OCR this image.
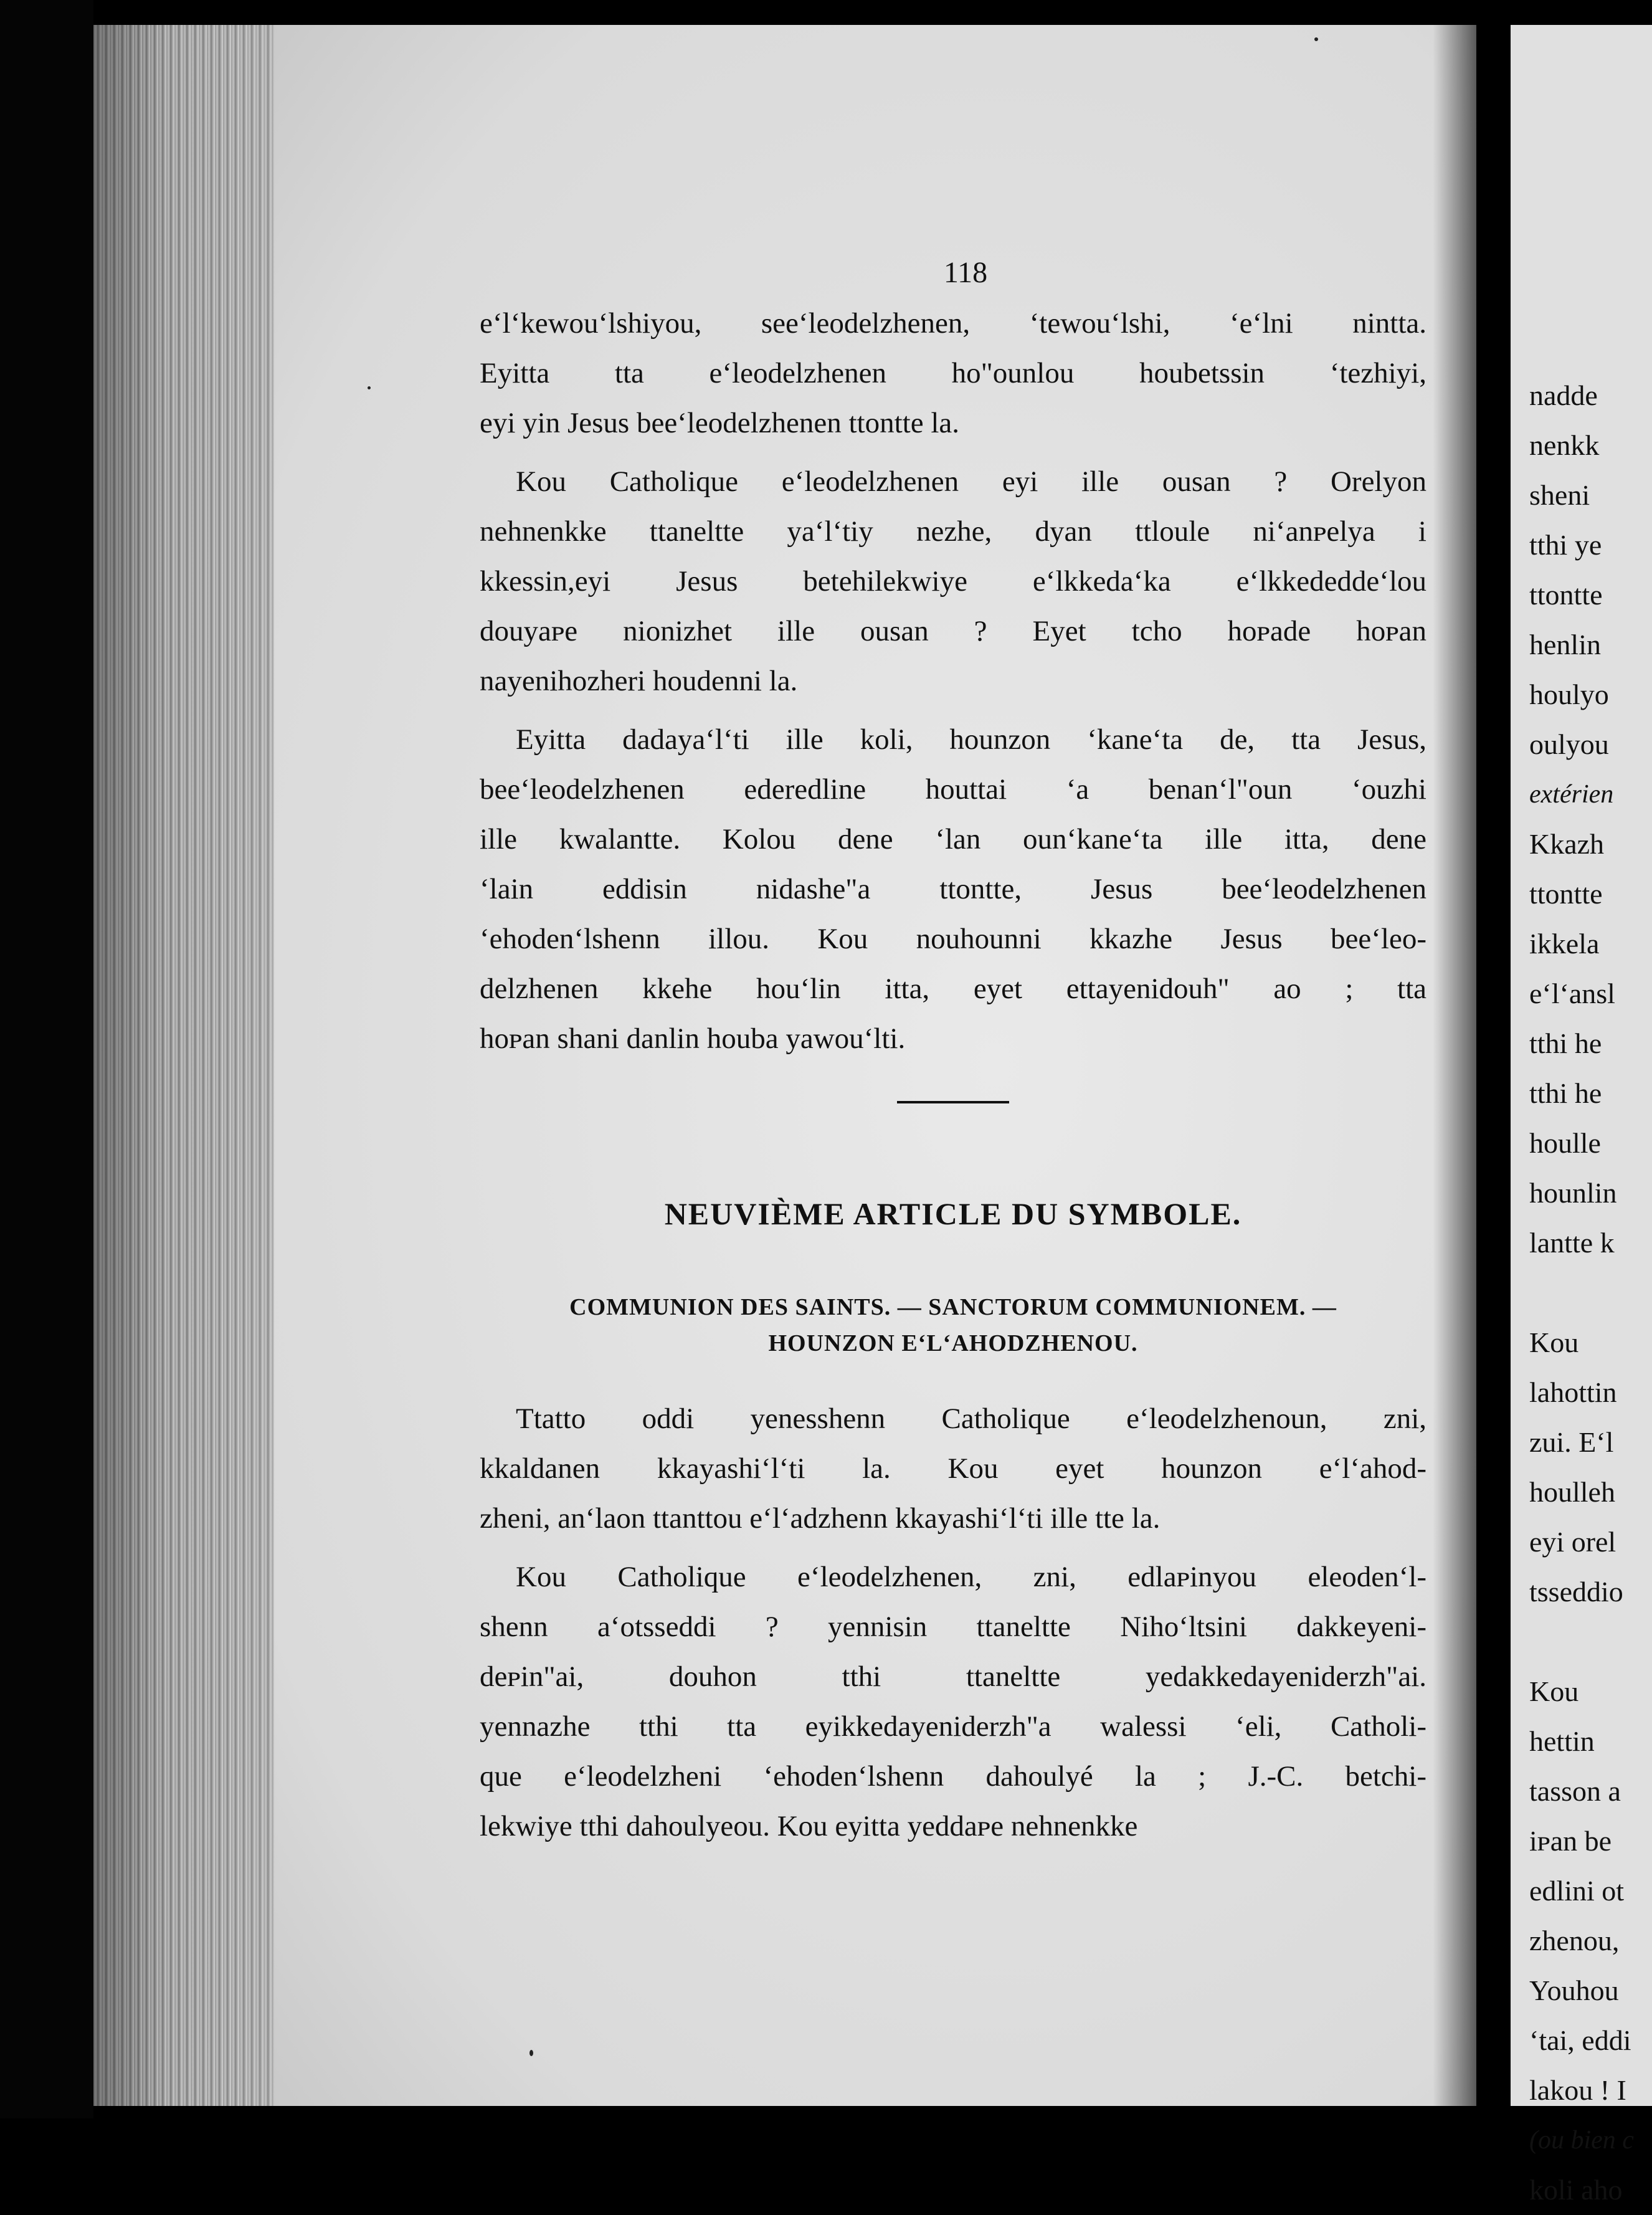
nadde
nenkk
sheni
tthi ye
ttontte
henlin
houlyo
oulyou
extérien
Kkazh
ttontte
ikkela
e‘l‘ansl
tthi he
tthi he
houlle
hounlin
lantte k

Kou
lahottin
zui. E‘l
houlleh
eyi orel
tsseddio

Kou
hettin
tasson a
iᴘan be
edlini ot
zhenou,
Youhou
‘tai, eddi
lakou ! I
(ou bien c
koli aho
118

e‘l‘kewou‘lshiyou, see‘leodelzhenen, ‘tewou‘lshi, ‘e‘lni nintta.
Eyitta tta e‘leodelzhenen ho"ounlou houbetssin ‘tezhiyi,
eyi yin Jesus bee‘leodelzhenen ttontte la.

Kou Catholique e‘leodelzhenen eyi ille ousan ? Orelyon
nehnenkke ttaneltte ya‘l‘tiy nezhe, dyan ttloule ni‘anᴘelya i
kkessin,eyi Jesus betehilekwiye e‘lkkeda‘ka e‘lkkededde‘lou
douyaᴘe nionizhet ille ousan ? Eyet tcho hoᴘade hoᴘan
nayenihozheri houdenni la.

Eyitta dadaya‘l‘ti ille koli, hounzon ‘kane‘ta de, tta Jesus,
bee‘leodelzhenen ederedline houttai ‘a benan‘l"oun ‘ouzhi
ille kwalantte. Kolou dene ‘lan oun‘kane‘ta ille itta, dene
‘lain eddisin nidashe"a ttontte, Jesus bee‘leodelzhenen
‘ehoden‘lshenn illou. Kou nouhounni kkazhe Jesus bee‘leo-
delzhenen kkehe hou‘lin itta, eyet ettayenidouh" ao ; tta
hoᴘan shani danlin houba yawou‘lti.

NEUVIÈME ARTICLE DU SYMBOLE.
COMMUNION DES SAINTS. — SANCTORUM COMMUNIONEM. —
HOUNZON E‘L‘AHODZHENOU.

Ttatto oddi yenesshenn Catholique e‘leodelzhenoun, zni,
kkaldanen kkayashi‘l‘ti la. Kou eyet hounzon e‘l‘ahod-
zheni, an‘laon ttanttou e‘l‘adzhenn kkayashi‘l‘ti ille tte la.

Kou Catholique e‘leodelzhenen, zni, edlaᴘinyou eleoden‘l-
shenn a‘otsseddi ? yennisin ttaneltte Niho‘ltsini dakkeyeni-
deᴘin"ai, douhon tthi ttaneltte yedakkedayeniderzh"ai.
yennazhe tthi tta eyikkedayeniderzh"a walessi ‘eli, Catholi-
que e‘leodelzheni ‘ehoden‘lshenn dahoulyé la ; J.-C. betchi-
lekwiye tthi dahoulyeou. Kou eyitta yeddaᴘe nehnenkke
